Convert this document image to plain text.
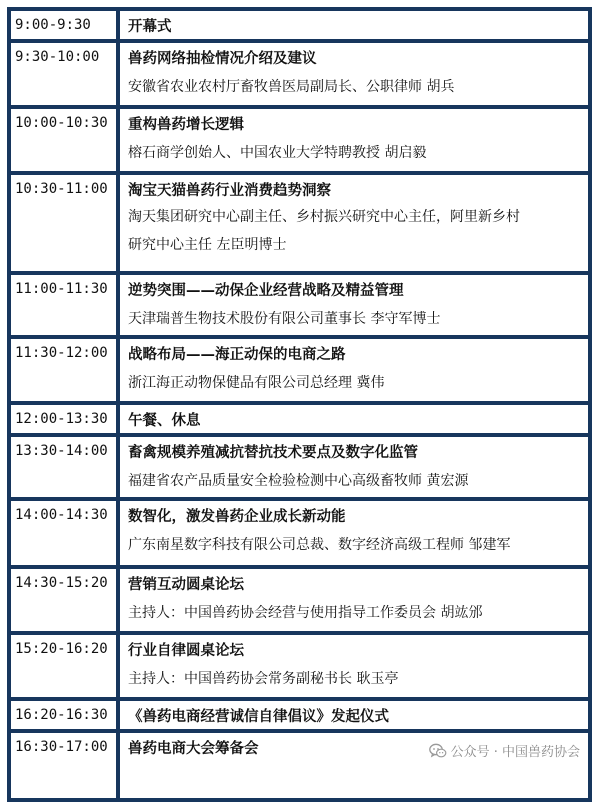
9:00-9:30	开幕式
9:30-10:00	兽药网络抽检情况介绍及建议
安徽省农业农村厅畜牧兽医局副局长、公职律师 胡兵
10:00-10:30	重构兽药增长逻辑
榕石商学创始人、中国农业大学特聘教授 胡启毅
10:30-11:00	淘宝天猫兽药行业消费趋势洞察
淘天集团研究中心副主任、乡村振兴研究中心主任，阿里新乡村
研究中心主任 左臣明博士
11:00-11:30	逆势突围——动保企业经营战略及精益管理
天津瑞普生物技术股份有限公司董事长 李守军博士
11:30-12:00	战略布局——海正动保的电商之路
浙江海正动物保健品有限公司总经理 冀伟
12:00-13:30	午餐、休息
13:30-14:00	畜禽规模养殖减抗替抗技术要点及数字化监管
福建省农产品质量安全检验检测中心高级畜牧师 黄宏源
14:00-14:30	数智化，激发兽药企业成长新动能
广东南星数字科技有限公司总裁、数字经济高级工程师 邹建军
14:30-15:20	营销互动圆桌论坛
主持人：中国兽药协会经营与使用指导工作委员会 胡竑邠
15:20-16:20	行业自律圆桌论坛
主持人：中国兽药协会常务副秘书长 耿玉亭
16:20-16:30	《兽药电商经营诚信自律倡议》发起仪式
16:30-17:00	兽药电商大会筹备会	公众号 · 中国兽药协会
